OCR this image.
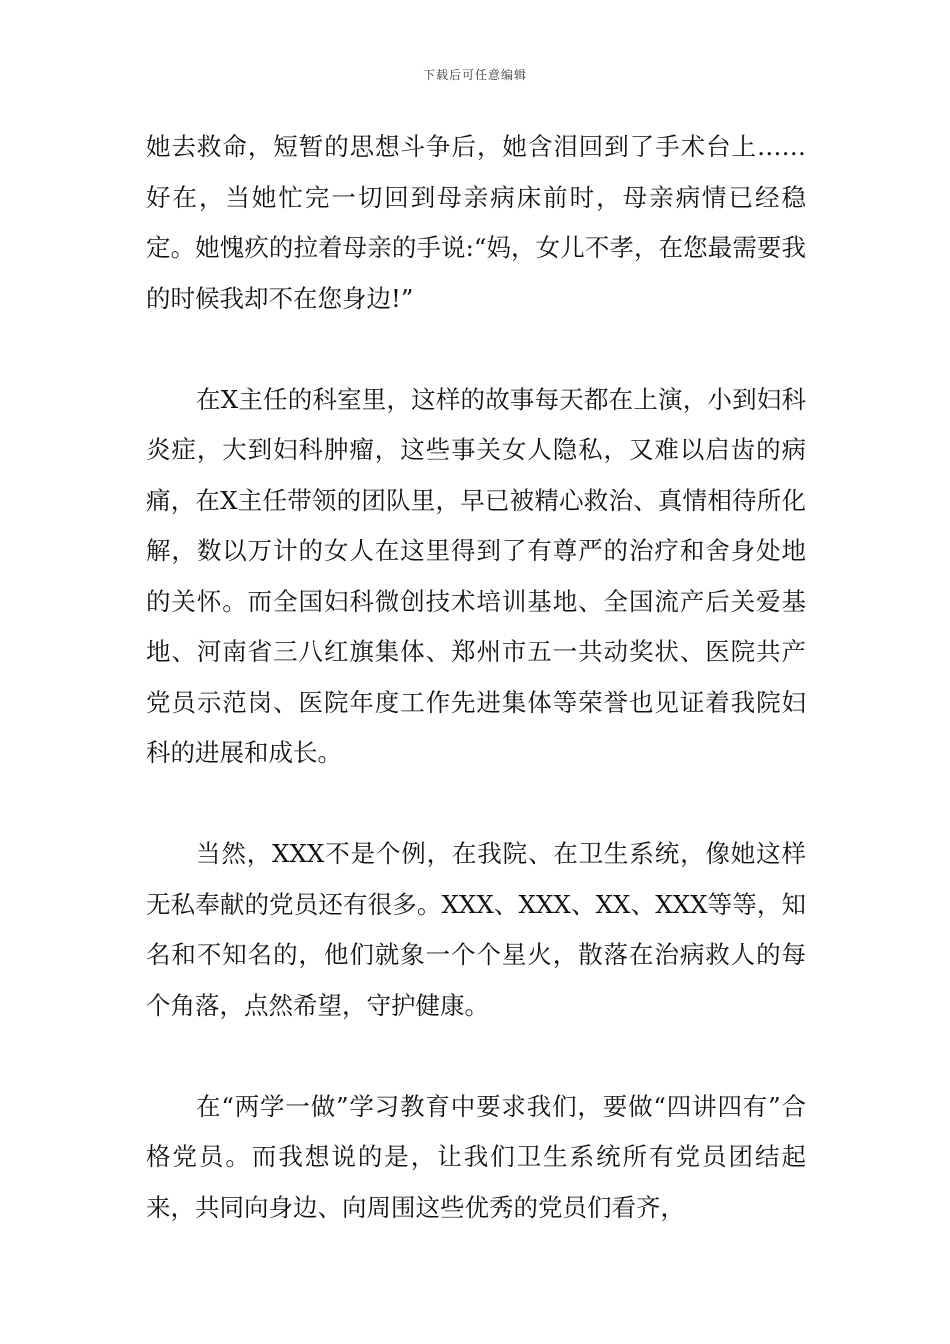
下载后可任意编辑

她去救命，短暂的思想斗争后，她含泪回到了手术台上……好在，当她忙完一切回到母亲病床前时，母亲病情已经稳定。她愧疚的拉着母亲的手说:“妈，女儿不孝，在您最需要我的时候我却不在您身边!”

在X主任的科室里，这样的故事每天都在上演，小到妇科炎症，大到妇科肿瘤，这些事关女人隐私，又难以启齿的病痛，在X主任带领的团队里，早已被精心救治、真情相待所化解，数以万计的女人在这里得到了有尊严的治疗和舍身处地的关怀。而全国妇科微创技术培训基地、全国流产后关爱基地、河南省三八红旗集体、郑州市五一共动奖状、医院共产党员示范岗、医院年度工作先进集体等荣誉也见证着我院妇科的进展和成长。

当然，XXX不是个例，在我院、在卫生系统，像她这样无私奉献的党员还有很多。XXX、XXX、XX、XXX等等，知名和不知名的，他们就象一个个星火，散落在治病救人的每个角落，点然希望，守护健康。

在“两学一做”学习教育中要求我们，要做“四讲四有”合格党员。而我想说的是，让我们卫生系统所有党员团结起来，共同向身边、向周围这些优秀的党员们看齐，
